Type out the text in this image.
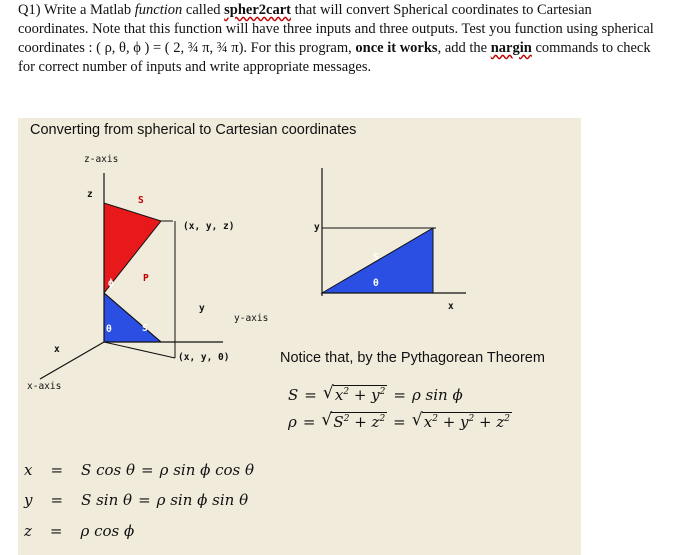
Q1) Write a Matlab function called spher2cart that will convert Spherical coordinates to Cartesian coordinates. Note that this function will have three inputs and three outputs. Test you function using spherical coordinates : ( ρ, θ, ϕ ) = ( 2, ¾ π, ¾ π). For this program, once it works, add the nargin commands to check for correct number of inputs and write appropriate messages.
Converting from spherical to Cartesian coordinates
z-axis
z
S
(x, y, z)
P
ϕ
y
y-axis
θ	S
x
(x, y, 0)
x-axis
y
S
θ
x
Notice that, by the Pythagorean Theorem
S = √ $x^2 + y^2 = \rho$ sin ϕ
ρ = √ $S^2 + z^2$ = √ $x^2 + y^2 + z^2$
x = S cos θ = ρ sin ϕ cos θ
y = S sin θ = ρ sin ϕ sin θ
z = ρ cos ϕ
